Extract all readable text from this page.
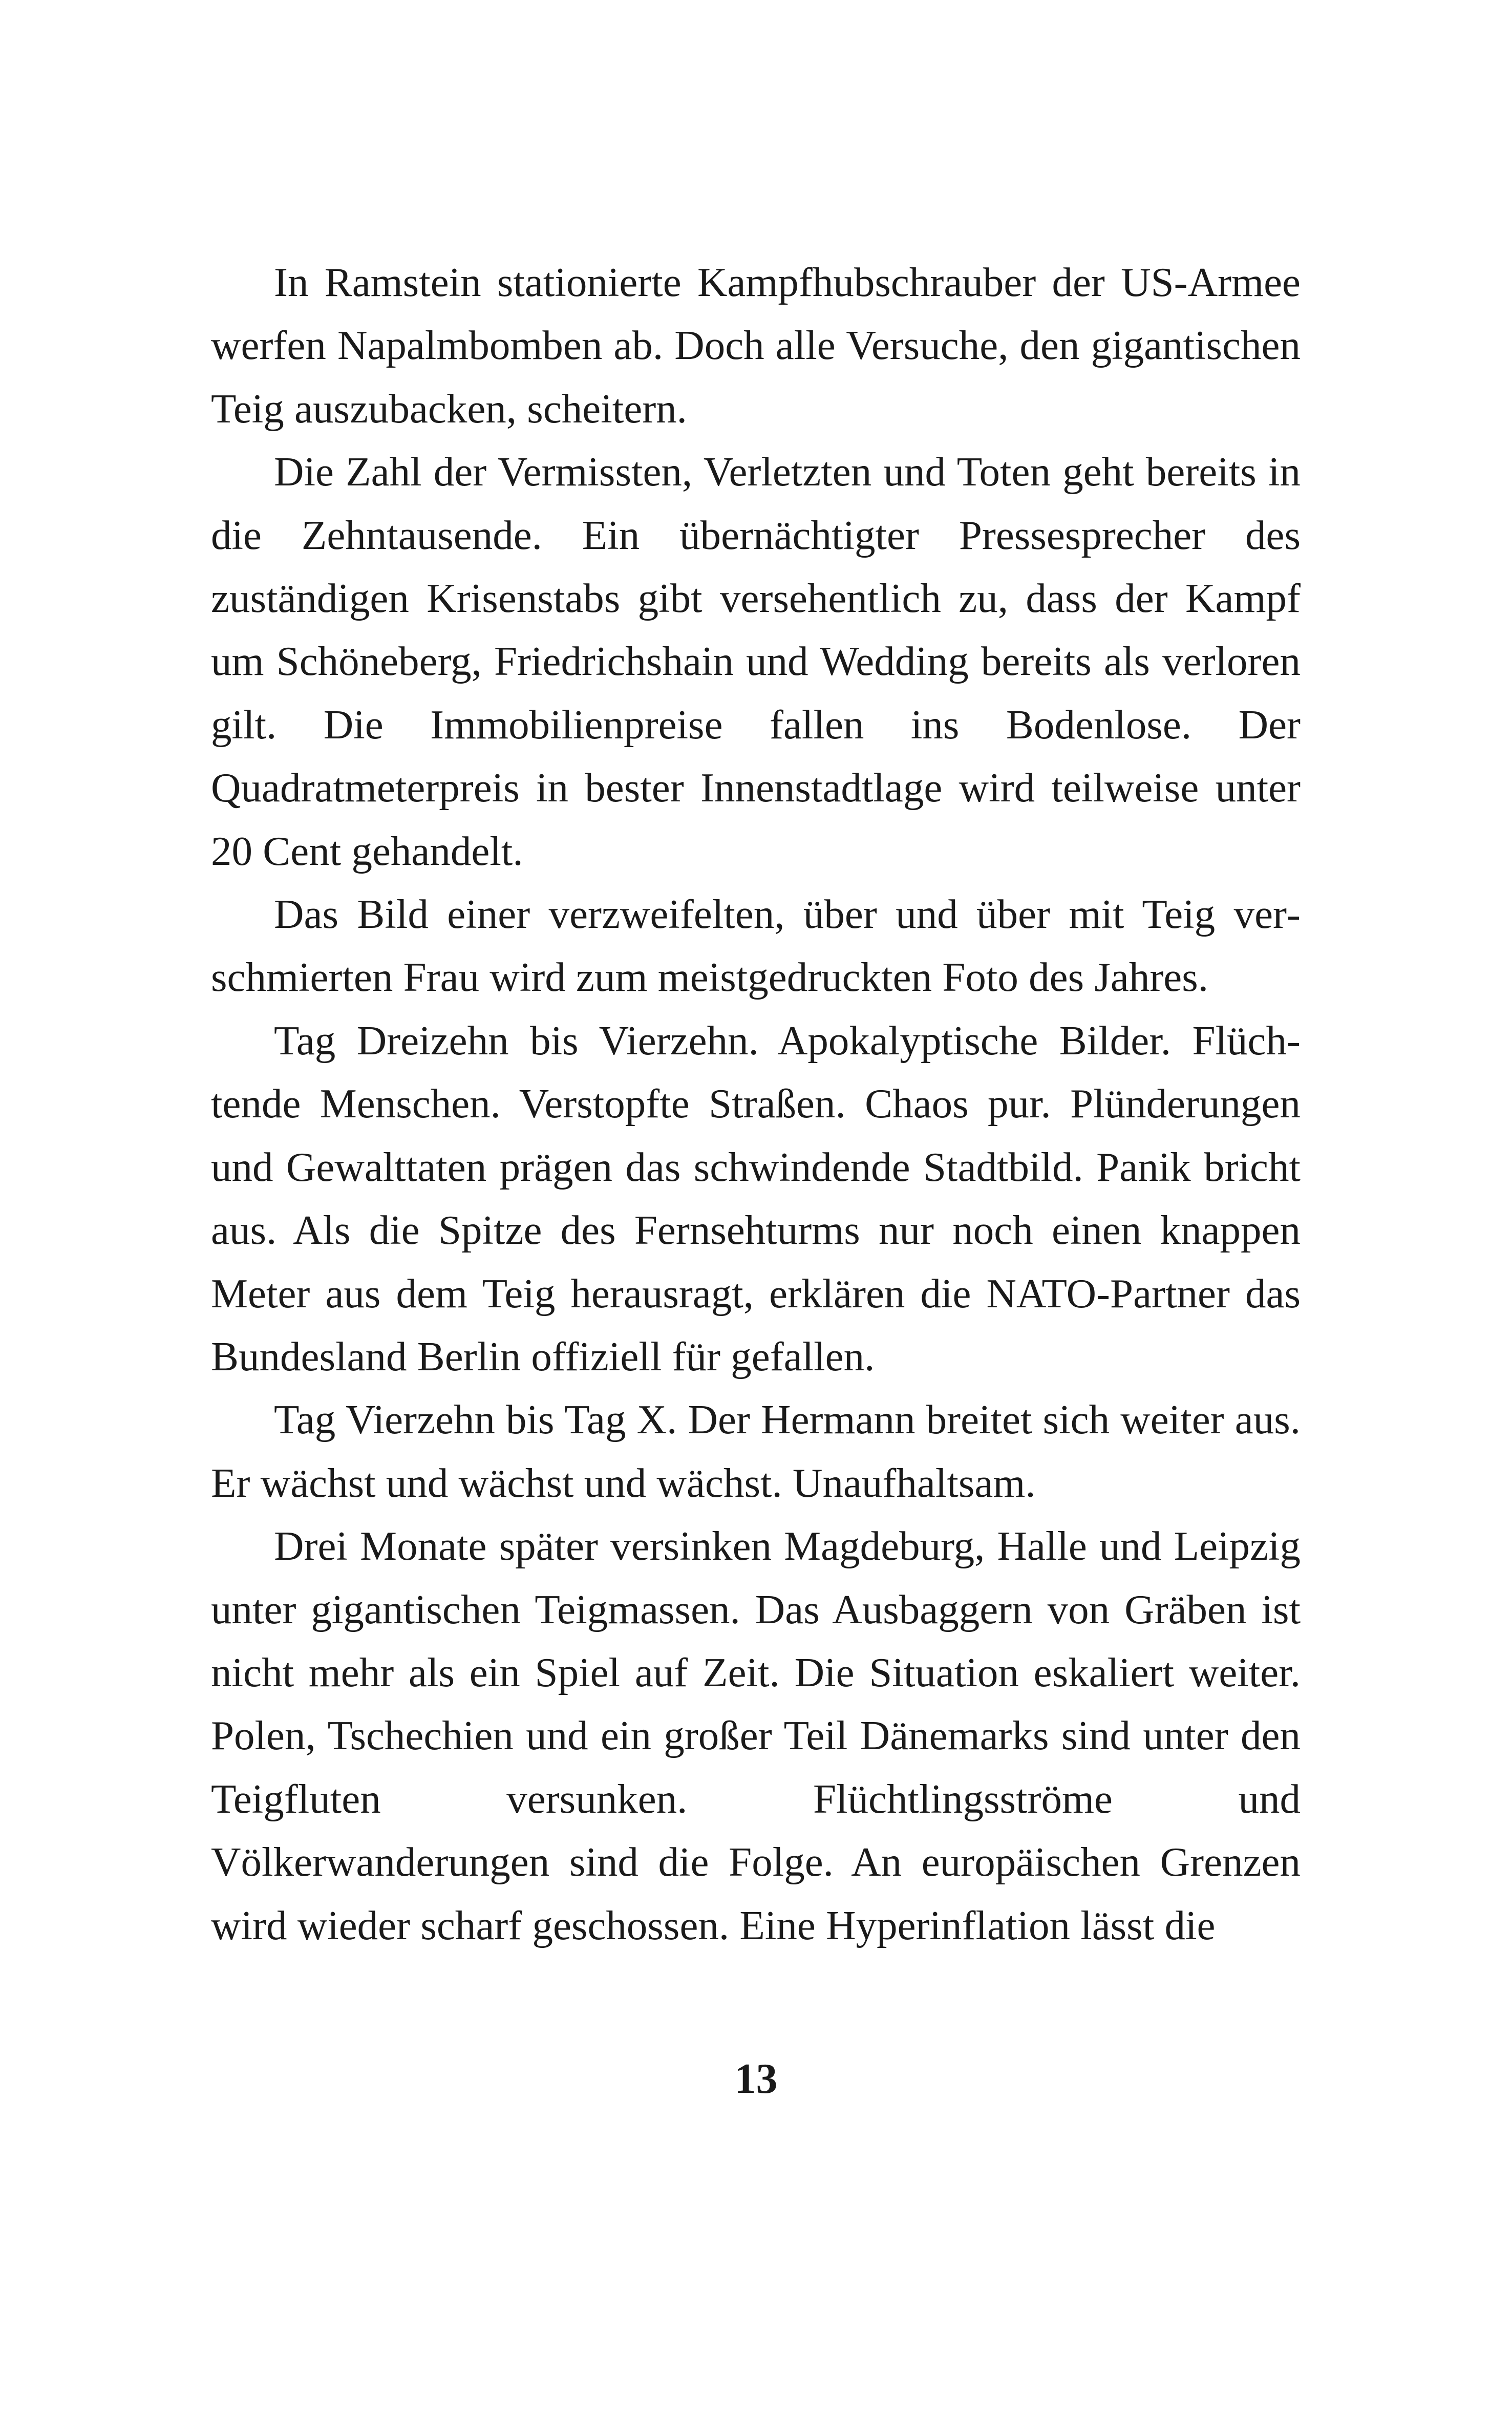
In Ramstein stationierte Kampfhubschrauber der US-Armee werfen Napalmbomben ab. Doch alle Versuche, den gigantischen Teig auszubacken, scheitern.

Die Zahl der Vermissten, Verletzten und Toten geht bereits in die Zehntausende. Ein übernächtigter Pressesprecher des zuständigen Krisenstabs gibt versehentlich zu, dass der Kampf um Schöneberg, Friedrichshain und Wedding bereits als verloren gilt. Die Immobilienpreise fallen ins Bodenlose. Der Quadratmeterpreis in bester Innenstadtlage wird teilweise unter 20 Cent gehandelt.

Das Bild einer verzweifelten, über und über mit Teig verschmierten Frau wird zum meistgedruckten Foto des Jahres.

Tag Dreizehn bis Vierzehn. Apokalyptische Bilder. Flüchtende Menschen. Verstopfte Straßen. Chaos pur. Plünderungen und Gewalttaten prägen das schwindende Stadtbild. Panik bricht aus. Als die Spitze des Fernsehturms nur noch einen knappen Meter aus dem Teig herausragt, erklären die NATO-Partner das Bundesland Berlin offiziell für gefallen.

Tag Vierzehn bis Tag X. Der Hermann breitet sich weiter aus. Er wächst und wächst und wächst. Unaufhaltsam.

Drei Monate später versinken Magdeburg, Halle und Leipzig unter gigantischen Teigmassen. Das Ausbaggern von Gräben ist nicht mehr als ein Spiel auf Zeit. Die Situation eskaliert weiter. Polen, Tschechien und ein großer Teil Dänemarks sind unter den Teigfluten versunken. Flüchtlingsströme und Völkerwanderungen sind die Folge. An europäischen Grenzen wird wieder scharf geschossen. Eine Hyperinflation lässt die

13
